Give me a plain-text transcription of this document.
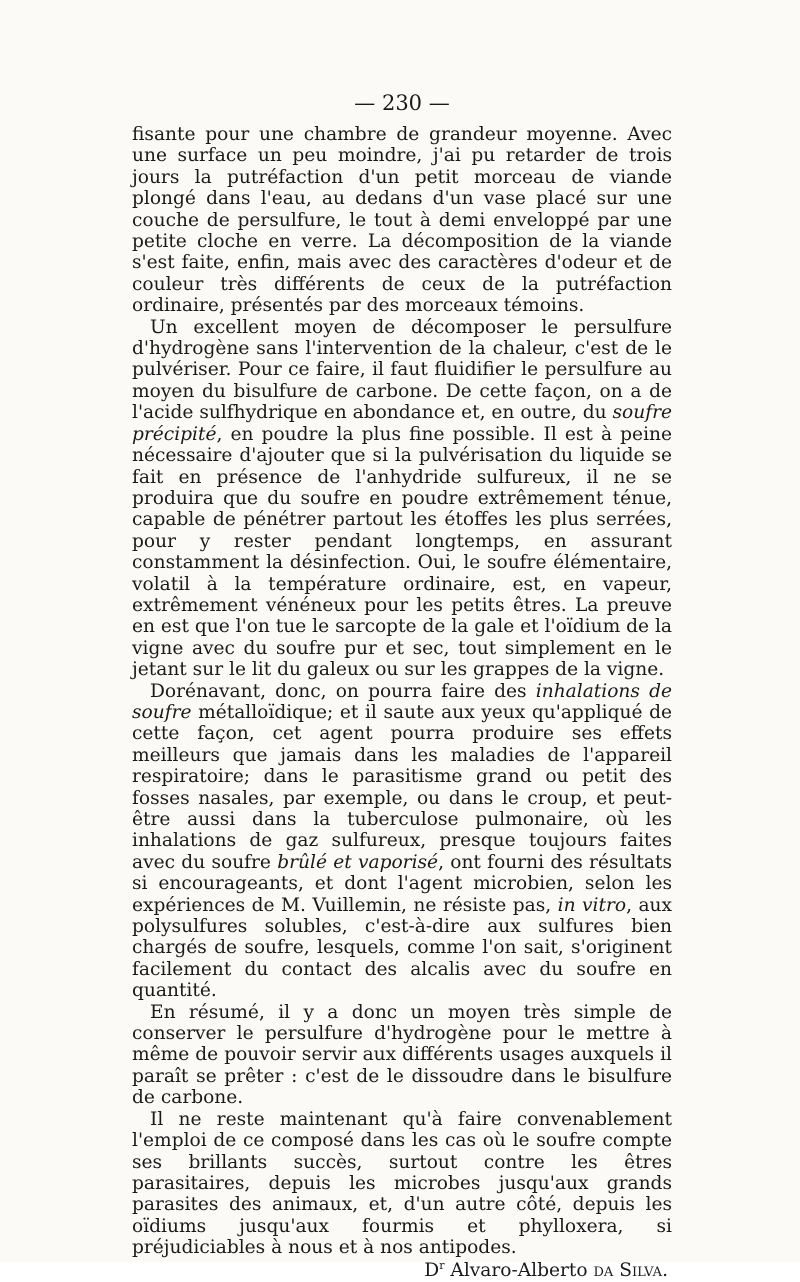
— 230 —

fisante pour une chambre de grandeur moyenne. Avec une surface un peu moindre, j'ai pu retarder de trois jours la putréfaction d'un petit morceau de viande plongé dans l'eau, au dedans d'un vase placé sur une couche de persulfure, le tout à demi enveloppé par une petite cloche en verre. La décomposition de la viande s'est faite, enfin, mais avec des caractères d'odeur et de couleur très différents de ceux de la putréfaction ordinaire, présentés par des morceaux témoins.

Un excellent moyen de décomposer le persulfure d'hydrogène sans l'intervention de la chaleur, c'est de le pulvériser. Pour ce faire, il faut fluidifier le persulfure au moyen du bisulfure de carbone. De cette façon, on a de l'acide sulfhydrique en abondance et, en outre, du soufre précipité, en poudre la plus fine possible. Il est à peine nécessaire d'ajouter que si la pulvérisation du liquide se fait en présence de l'anhydride sulfureux, il ne se produira que du soufre en poudre extrêmement ténue, capable de pénétrer partout les étoffes les plus serrées, pour y rester pendant longtemps, en assurant constamment la désinfection. Oui, le soufre élémentaire, volatil à la température ordinaire, est, en vapeur, extrêmement vénéneux pour les petits êtres. La preuve en est que l'on tue le sarcopte de la gale et l'oïdium de la vigne avec du soufre pur et sec, tout simplement en le jetant sur le lit du galeux ou sur les grappes de la vigne.

Dorénavant, donc, on pourra faire des inhalations de soufre métalloïdique; et il saute aux yeux qu'appliqué de cette façon, cet agent pourra produire ses effets meilleurs que jamais dans les maladies de l'appareil respiratoire; dans le parasitisme grand ou petit des fosses nasales, par exemple, ou dans le croup, et peut-être aussi dans la tuberculose pulmonaire, où les inhalations de gaz sulfureux, presque toujours faites avec du soufre brûlé et vaporisé, ont fourni des résultats si encourageants, et dont l'agent microbien, selon les expériences de M. Vuillemin, ne résiste pas, in vitro, aux polysulfures solubles, c'est-à-dire aux sulfures bien chargés de soufre, lesquels, comme l'on sait, s'originent facilement du contact des alcalis avec du soufre en quantité.

En résumé, il y a donc un moyen très simple de conserver le persulfure d'hydrogène pour le mettre à même de pouvoir servir aux différents usages auxquels il paraît se prêter : c'est de le dissoudre dans le bisulfure de carbone.

Il ne reste maintenant qu'à faire convenablement l'emploi de ce composé dans les cas où le soufre compte ses brillants succès, surtout contre les êtres parasitaires, depuis les microbes jusqu'aux grands parasites des animaux, et, d'un autre côté, depuis les oïdiums jusqu'aux fourmis et phylloxera, si préjudiciables à nous et à nos antipodes.

$D^r$ Alvaro-Alberto da Silva.
